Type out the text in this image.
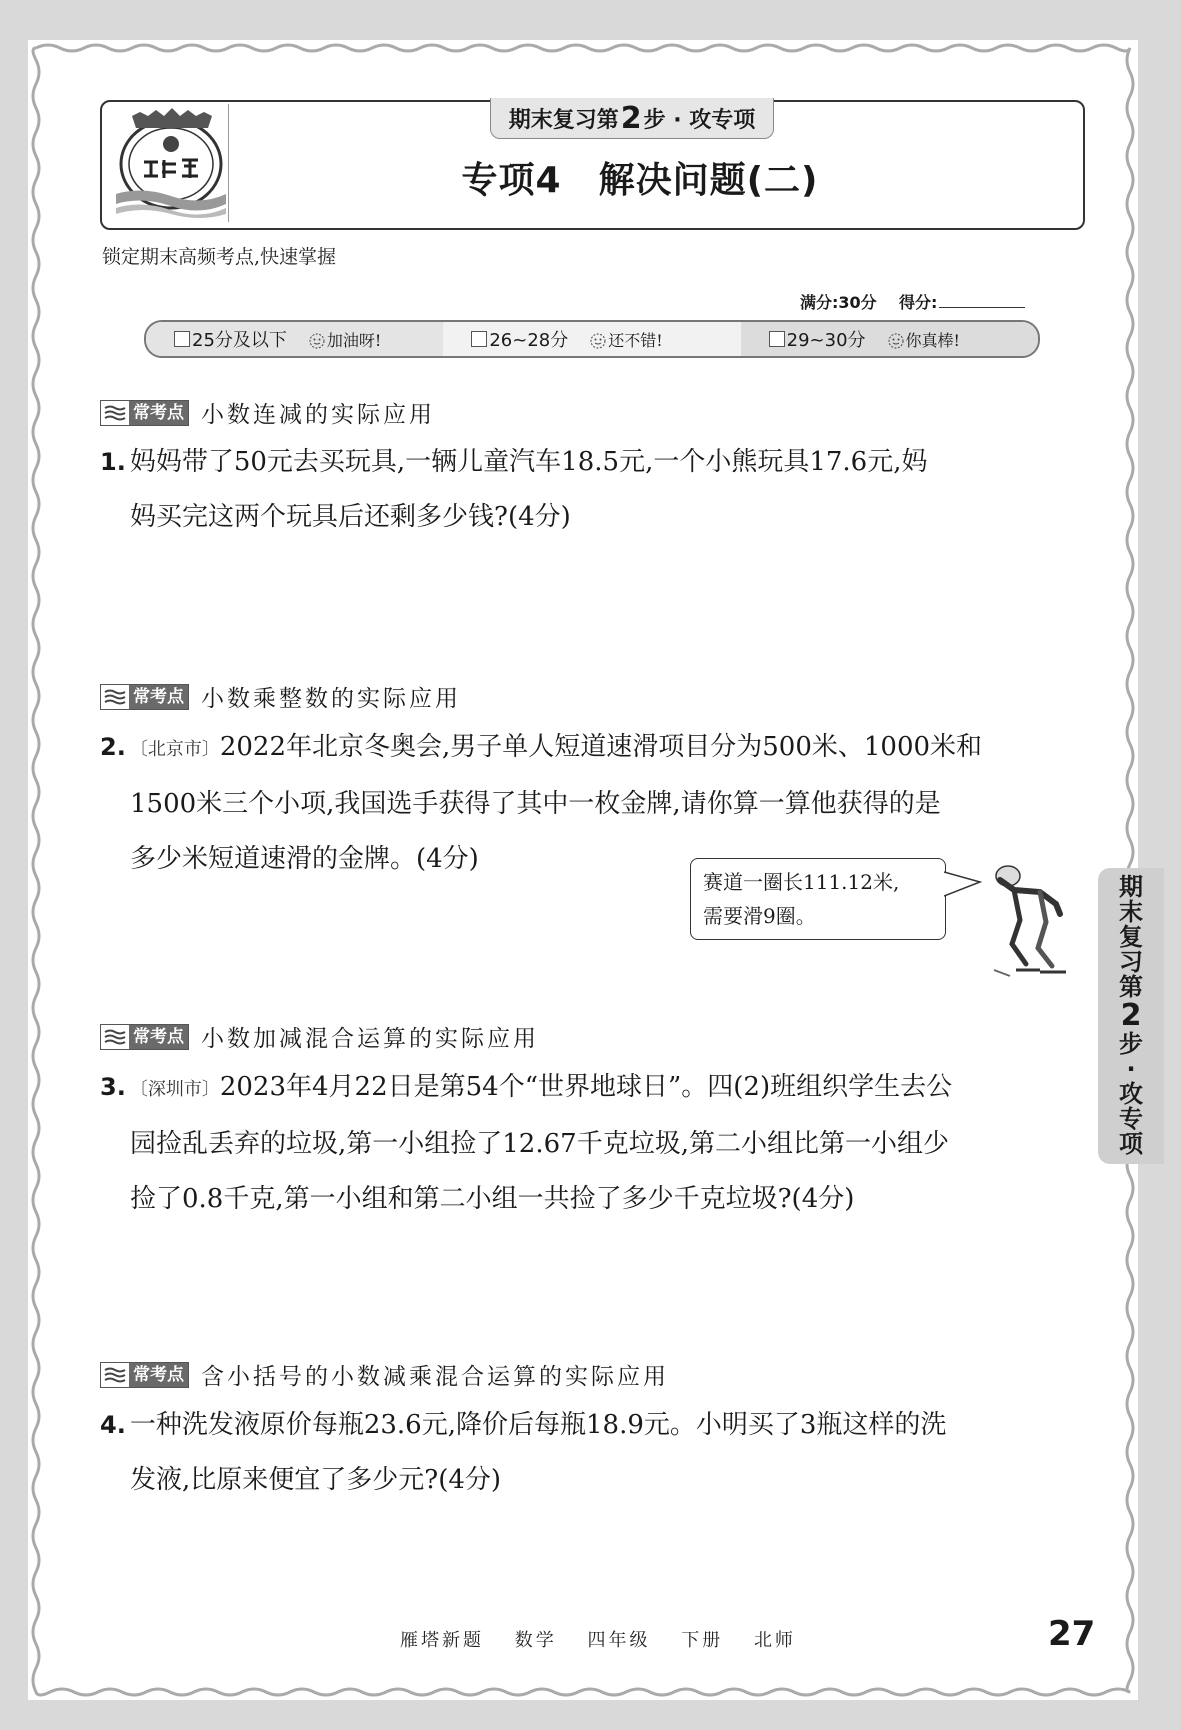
期末复习第 2 步 · 攻专项
专项4　解决问题(二)
锁定期末高频考点,快速掌握
满分:30分 得分:
25分及以下	加油呀!	26~28分	还不错!	29~30分	你真棒!
常考点 小数连减的实际应用
1. 妈妈带了50元去买玩具,一辆儿童汽车18.5元,一个小熊玩具17.6元,妈
妈买完这两个玩具后还剩多少钱?(4分)
常考点 小数乘整数的实际应用
2. 〔北京市〕2022年北京冬奥会,男子单人短道速滑项目分为500米、1000米和
1500米三个小项,我国选手获得了其中一枚金牌,请你算一算他获得的是
多少米短道速滑的金牌。(4分)
赛道一圈长111.12米,
需要滑9圈。
常考点 小数加减混合运算的实际应用
3. 〔深圳市〕2023年4月22日是第54个“世界地球日”。四(2)班组织学生去公
园捡乱丢弃的垃圾,第一小组捡了12.67千克垃圾,第二小组比第一小组少
捡了0.8千克,第一小组和第二小组一共捡了多少千克垃圾?(4分)
常考点 含小括号的小数减乘混合运算的实际应用
4. 一种洗发液原价每瓶23.6元,降价后每瓶18.9元。小明买了3瓶这样的洗
发液,比原来便宜了多少元?(4分)
期
末
复
习
第
2
步
·
攻
专
项
雁塔新题 数学 四年级 下册 北师	27
